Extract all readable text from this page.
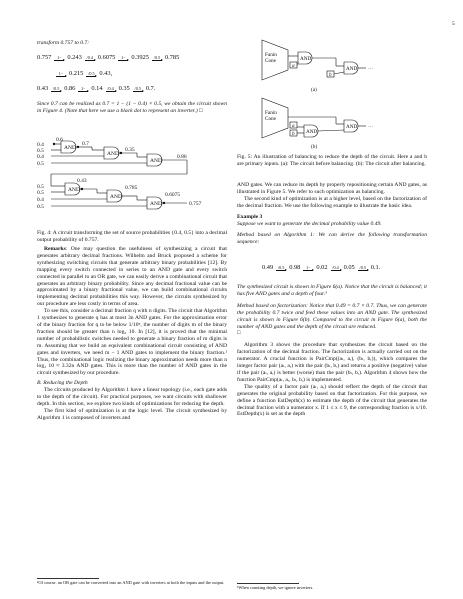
5

transform 0.757 to 0.7:

0.757 1− 0.243 /0.4 0.6075 1− 0.3925 /0.5 0.785
1− 0.215 /0.5 0.43,
0.43 /0.5 0.86 1− 0.14 /0.4 0.35 /0.5 0.7.
Since 0.7 can be realized as 0.7 = 1 − (1 − 0.4) × 0.5, we obtain the circuit shown in Figure 4. (Note that here we use a black dot to represent an inverter.) □
AND
AND
AND
AND
AND
AND
0.6
0.4
0.5
0.4
0.5
0.7
0.35
0.86
0.5
0.5
0.4
0.5
0.43
0.785
0.6075
0.757
Fig. 4: A circuit transforming the set of source probabilities {0.4, 0.5} into a decimal output probability of 0.757.

Remarks: One may question the usefulness of synthesizing a circuit that generates arbitrary decimal fractions. Wilhelm and Bruck proposed a scheme for synthesizing switching circuits that generate arbitrary binary probabilities [12]. By mapping every switch connected in series to an AND gate and every switch connected in parallel to an OR gate, we can easily derive a combinational circuit that generates an arbitrary binary probability. Since any decimal fractional value can be approximated by a binary fractional value, we can build combinational circuits implementing decimal probabilities this way. However, the circuits synthesized by our procedure are less costly in terms of area.

To see this, consider a decimal fraction q with n digits. The circuit that Algorithm 1 synthesizes to generate q has at most 3n AND gates. For the approximation error of the binary fraction for q to be below 1/10ⁿ, the number of digits m of the binary fraction should be greater than n log₂ 10. In [12], it is proved that the minimal number of probabilistic switches needed to generate a binary fraction of m digits is m. Assuming that we build an equivalent combinational circuit consisting of AND gates and inverters, we need m − 1 AND gates to implement the binary fraction.² Thus, the combinational logic realizing the binary approximation needs more than n log₂ 10 ≈ 3.32n AND gates. This is more than the number of AND gates in the circuit synthesized by our procedure.

B. Reducing the Depth

The circuits produced by Algorithm 1 have a linear topology (i.e., each gate adds to the depth of the circuit). For practical purposes, we want circuits with shallower depth. In this section, we explore two kinds of optimizations for reducing the depth.

The first kind of optimization is at the logic level. The circuit synthesized by Algorithm 1 is composed of inverters and

²Of course, an OR gate can be converted into an AND gate with inverters at both the inputs and the output.
Fanin
Cone
Fanin
Cone
AND
AND
AND
AND
a
b
a
b
⋯
⋯
(a)
(b)
Fig. 5: An illustration of balancing to reduce the depth of the circuit. Here a and b are primary inputs. (a): The circuit before balancing. (b): The circuit after balancing.

AND gates. We can reduce its depth by properly repositioning certain AND gates, as illustrated in Figure 5. We refer to such optimization as balancing.

The second kind of optimization is at a higher level, based on the factorization of the decimal fraction. We use the following example to illustrate the basic idea.

Example 3

Suppose we want to generate the decimal probability value 0.49.

Method based on Algorithm 1: We can derive the following transformation sequence:

0.49 /0.5 0.98 1− 0.02 /0.4 0.05 /0.5 0.1.

The synthesized circuit is shown in Figure 6(a). Notice that the circuit is balanced; it has five AND gates and a depth of four.³

Method based on factorization: Notice that 0.49 = 0.7 × 0.7. Thus, we can generate the probability 0.7 twice and feed these values into an AND gate. The synthesized circuit is shown in Figure 6(b). Compared to the circuit in Figure 6(a), both the number of AND gates and the depth of the circuit are reduced.

□

Algorithm 3 shows the procedure that synthesizes the circuit based on the factorization of the decimal fraction. The factorization is actually carried out on the numerator. A crucial function is PairCmp((aₗ, aᵣ), (bₗ, bᵣ)), which compares the integer factor pair (aₗ, aᵣ) with the pair (bₗ, bᵣ) and returns a positive (negative) value if the pair (aₗ, aᵣ) is better (worse) than the pair (bₗ, bᵣ). Algorithm 4 shows how the function PairCmp(aₗ, aᵣ, bₗ, bᵣ) is implemented.

The quality of a factor pair (aₗ, aᵣ) should reflect the depth of the circuit that generates the original probability based on that factorization. For this purpose, we define a function EstDepth(x) to estimate the depth of the circuit that generates the decimal fraction with a numerator x. If 1 ≤ x ≤ 9, the corresponding fraction is x/10. EstDepth(x) is set as the depth

³When counting depth, we ignore inverters.
